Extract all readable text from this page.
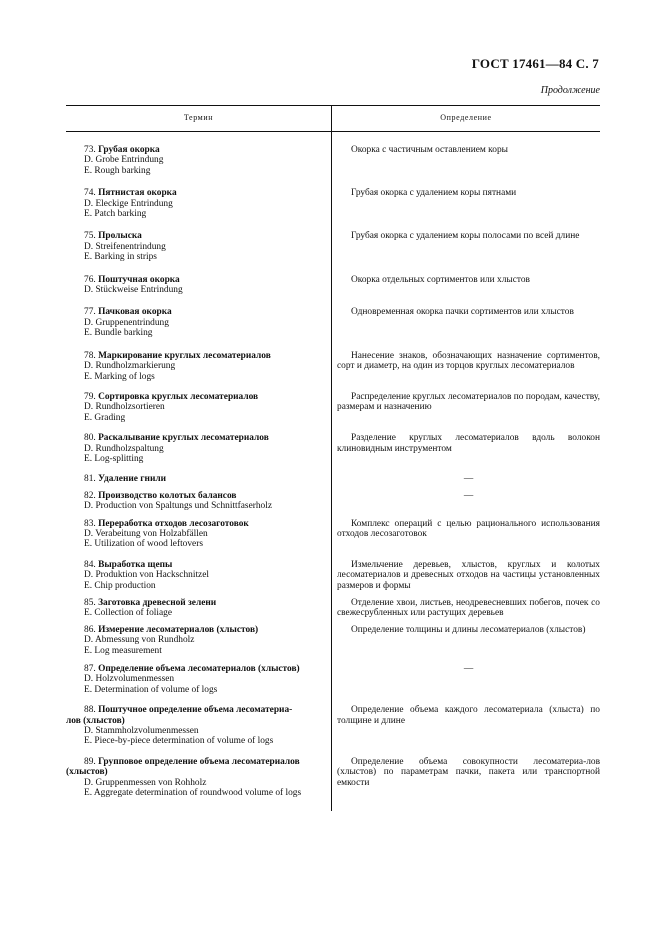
ГОСТ 17461—84 С. 7
Продолжение
Термин	Определение
73. Грубая окорка
D. Grobe Entrindung
E. Rough barking
Окорка с частичным оставлением коры
74. Пятнистая окорка
D. Eleckige Entrindung
E. Patch barking
Грубая окорка с удалением коры пятнами
75. Пролыска
D. Streifenentrindung
E. Barking in strips
Грубая окорка с удалением коры полосами по всей длине
76. Поштучная окорка
D. Stückweise Entrindung
Окорка отдельных сортиментов или хлыстов
77. Пачковая окорка
D. Gruppenentrindung
E. Bundle barking
Одновременная окорка пачки сортиментов или хлыстов
78. Маркирование круглых лесоматериалов
D. Rundholzmarkierung
E. Marking of logs
Нанесение знаков, обозначающих назначение сортиментов, сорт и диаметр, на один из торцов круглых лесоматериалов
79. Сортировка круглых лесоматериалов
D. Rundholzsortieren
E. Grading
Распределение круглых лесоматериалов по породам, качеству, размерам и назначению
80. Раскалывание круглых лесоматериалов
D. Rundholzspaltung
E. Log-splitting
Разделение круглых лесоматериалов вдоль волокон клиновидным инструментом
81. Удаление гнили	—
82. Производство колотых балансов
D. Production von Spaltungs und Schnittfaserholz
—
83. Переработка отходов лесозаготовок
D. Verabeitung von Holzabfällen
E. Utilization of wood leftovers
Комплекс операций с целью рационального использования отходов лесозаготовок
84. Выработка щепы
D. Produktion von Hackschnitzel
E. Chip production
Измельчение деревьев, хлыстов, круглых и колотых лесоматериалов и древесных отходов на частицы установленных размеров и формы
85. Заготовка древесной зелени
E. Collection of foliage
Отделение хвои, листьев, неодревесневших побегов, почек со свежесрубленных или растущих деревьев
86. Измерение лесоматериалов (хлыстов)
D. Abmessung von Rundholz
E. Log measurement
Определение толщины и длины лесоматериалов (хлыстов)
87. Определение объема лесоматериалов (хлыстов)
D. Holzvolumenmessen
E. Determination of volume of logs
—
88. Поштучное определение объема лесоматериа-
лов (хлыстов)
D. Stammholzvolumenmessen
E. Piece-by-piece determination of volume of logs
Определение объема каждого лесоматериала (хлыста) по толщине и длине
89. Групповое определение объема лесоматериалов
(хлыстов)
D. Gruppenmessen von Rohholz
E. Aggregate determination of roundwood volume of logs
Определение объема совокупности лесоматериа-лов (хлыстов) по параметрам пачки, пакета или транспортной емкости
